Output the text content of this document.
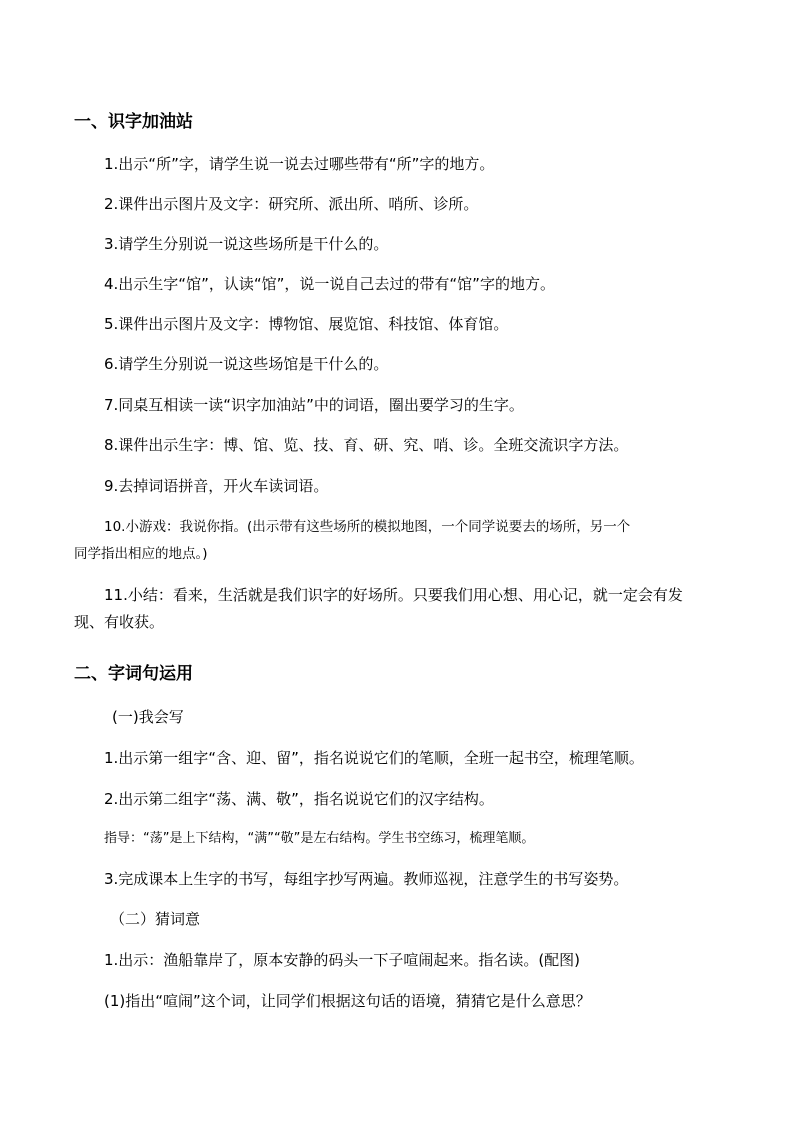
一、识字加油站
1.出示“所”字，请学生说一说去过哪些带有“所”字的地方。
2.课件出示图片及文字：研究所、派出所、哨所、诊所。
3.请学生分别说一说这些场所是干什么的。
4.出示生字“馆”，认读“馆”，说一说自己去过的带有“馆”字的地方。
5.课件出示图片及文字：博物馆、展览馆、科技馆、体育馆。
6.请学生分别说一说这些场馆是干什么的。
7.同桌互相读一读“识字加油站”中的词语，圈出要学习的生字。
8.课件出示生字：博、馆、览、技、育、研、究、哨、诊。全班交流识字方法。
9.去掉词语拼音，开火车读词语。
10.小游戏：我说你指。(出示带有这些场所的模拟地图，一个同学说要去的场所，另一个
同学指出相应的地点。)
11.小结：看来，生活就是我们识字的好场所。只要我们用心想、用心记，就一定会有发
现、有收获。
二、字词句运用
(一)我会写
1.出示第一组字“含、迎、留”，指名说说它们的笔顺，全班一起书空，梳理笔顺。
2.出示第二组字“荡、满、敬”，指名说说它们的汉字结构。
指导：“荡”是上下结构，“满”“敬”是左右结构。学生书空练习，梳理笔顺。
3.完成课本上生字的书写，每组字抄写两遍。教师巡视，注意学生的书写姿势。
（二）猜词意
1.出示：渔船靠岸了，原本安静的码头一下子喧闹起来。指名读。(配图)
(1)指出“喧闹”这个词，让同学们根据这句话的语境，猜猜它是什么意思？
